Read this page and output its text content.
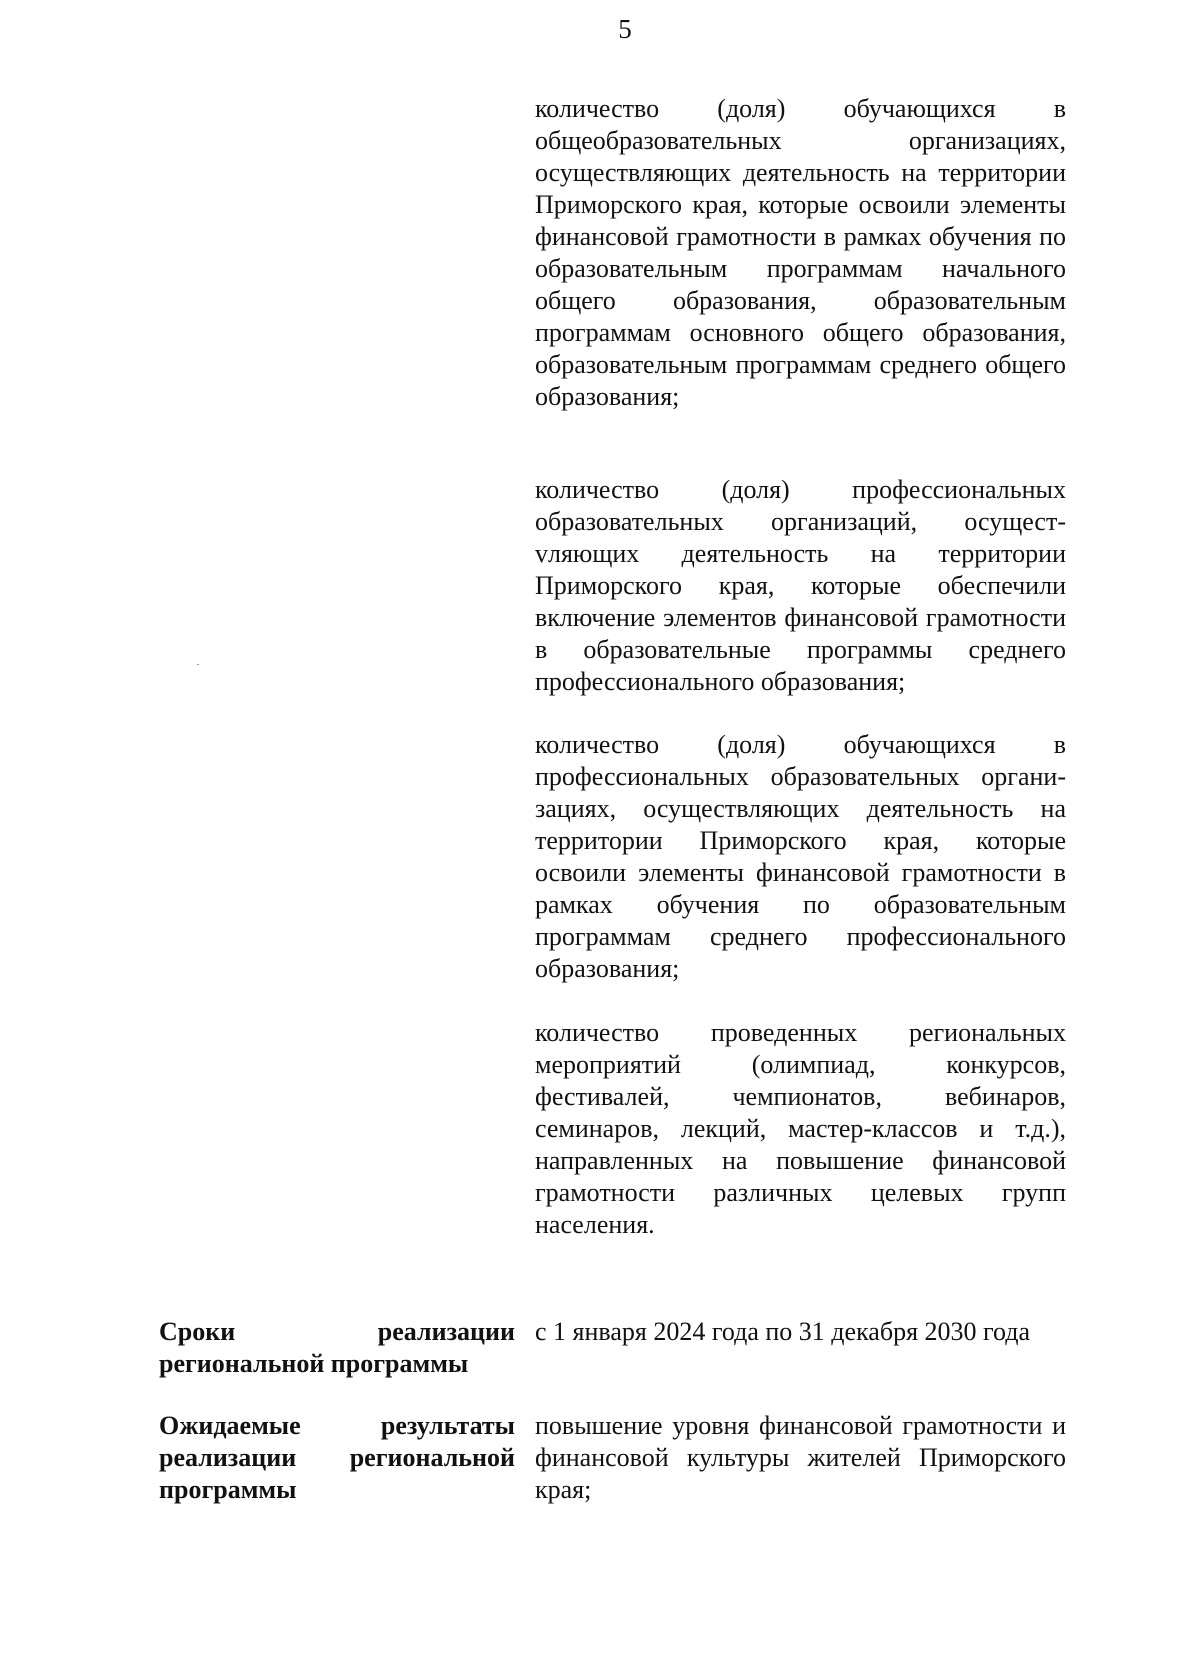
5

количество (доля) обучающихся в общеобразовательных организациях, осуществляющих деятельность на территории Приморского края, которые освоили элементы финансовой грамотности в рамках обучения по образовательным программам начального общего образования, образовательным программам основного общего образования, образовательным программам среднего общего образования;

количество (доля) профессиональных образовательных организаций, осущестvляющих деятельность на территории Приморского края, которые обеспечили включение элементов финансовой грамотности в образовательные программы среднего профессионального образования;

количество (доля) обучающихся в профессиональных образовательных организациях, осуществляющих деятельность на территории Приморского края, которые освоили элементы финансовой грамотности в рамках обучения по образовательным программам среднего профессионального образования;

количество проведенных региональных мероприятий (олимпиад, конкурсов, фестивалей, чемпионатов, вебинаров, семинаров, лекций, мастер-классов и т.д.), направленных на повышение финансовой грамотности различных целевых групп населения.

Сроки реализации региональной программы
с 1 января 2024 года по 31 декабря 2030 года
Ожидаемые результаты реализации региональной программы
повышение уровня финансовой грамотности и финансовой культуры жителей Приморского края;
